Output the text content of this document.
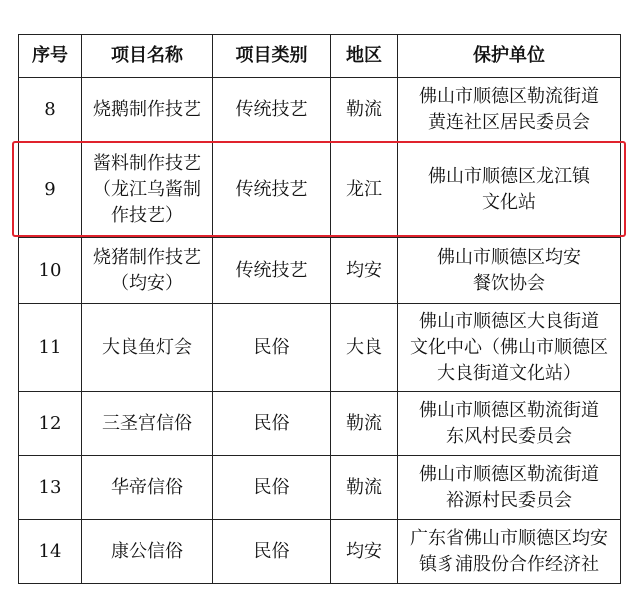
序号	项目名称	项目类别	地区	保护单位
8	烧鹅制作技艺	传统技艺	勒流	佛山市顺德区勒流街道
黄连社区居民委员会
9	酱料制作技艺
（龙江乌酱制
作技艺）	传统技艺	龙江	佛山市顺德区龙江镇
文化站
10	烧猪制作技艺
（均安）	传统技艺	均安	佛山市顺德区均安
餐饮协会
11	大良鱼灯会	民俗	大良	佛山市顺德区大良街道
文化中心（佛山市顺德区
大良街道文化站）
12	三圣宫信俗	民俗	勒流	佛山市顺德区勒流街道
东风村民委员会
13	华帝信俗	民俗	勒流	佛山市顺德区勒流街道
裕源村民委员会
14	康公信俗	民俗	均安	广东省佛山市顺德区均安
镇豸浦股份合作经济社
